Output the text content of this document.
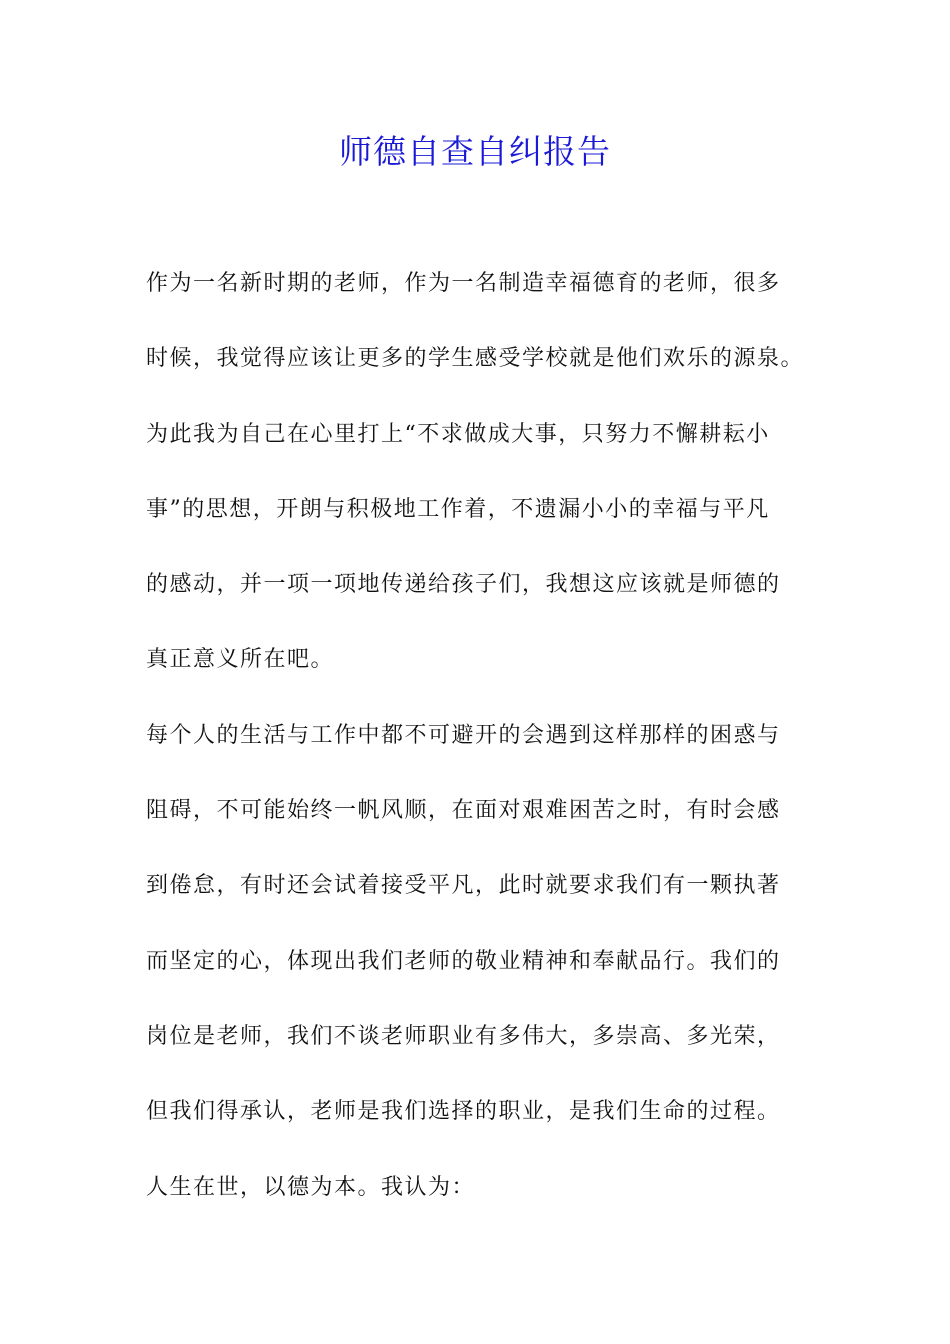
师德自查自纠报告
作为一名新时期的老师，作为一名制造幸福德育的老师，很多
时候，我觉得应该让更多的学生感受学校就是他们欢乐的源泉。
为此我为自己在心里打上“不求做成大事，只努力不懈耕耘小
事”的思想，开朗与积极地工作着，不遗漏小小的幸福与平凡
的感动，并一项一项地传递给孩子们，我想这应该就是师德的
真正意义所在吧。
每个人的生活与工作中都不可避开的会遇到这样那样的困惑与
阻碍，不可能始终一帆风顺，在面对艰难困苦之时，有时会感
到倦怠，有时还会试着接受平凡，此时就要求我们有一颗执著
而坚定的心，体现出我们老师的敬业精神和奉献品行。我们的
岗位是老师，我们不谈老师职业有多伟大，多崇高、多光荣，
但我们得承认，老师是我们选择的职业，是我们生命的过程。
人生在世，以德为本。我认为：
